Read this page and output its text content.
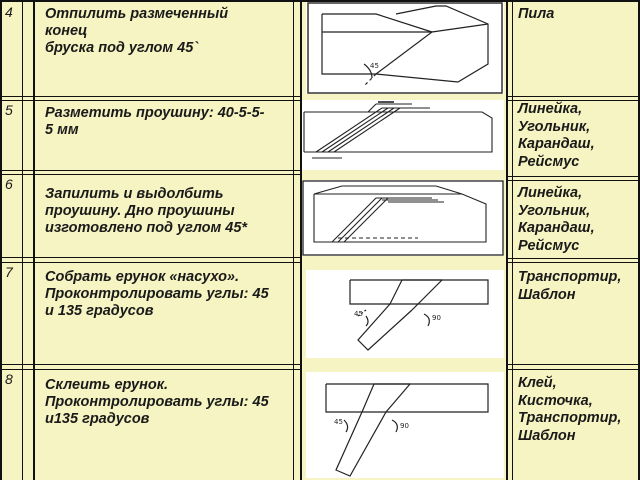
4
5
6
7
8
Отпилить размеченный
конец
бруска под углом 45`
Разметить проушину: 40-5-5-
5 мм
Запилить и выдолбить
проушину. Дно проушины
изготовлено под углом 45*
Собрать ерунок «насухо».
Проконтролировать углы: 45
и 135 градусов
Склеить ерунок.
Проконтролировать углы: 45
и135 градусов
Пила
Линейка,
Угольник,
Карандаш,
Рейсмус
Линейка,
Угольник,
Карандаш,
Рейсмус
Транспортир,
Шаблон
Клей,
Кисточка,
Транспортир,
Шаблон
45
45	90
45	90
